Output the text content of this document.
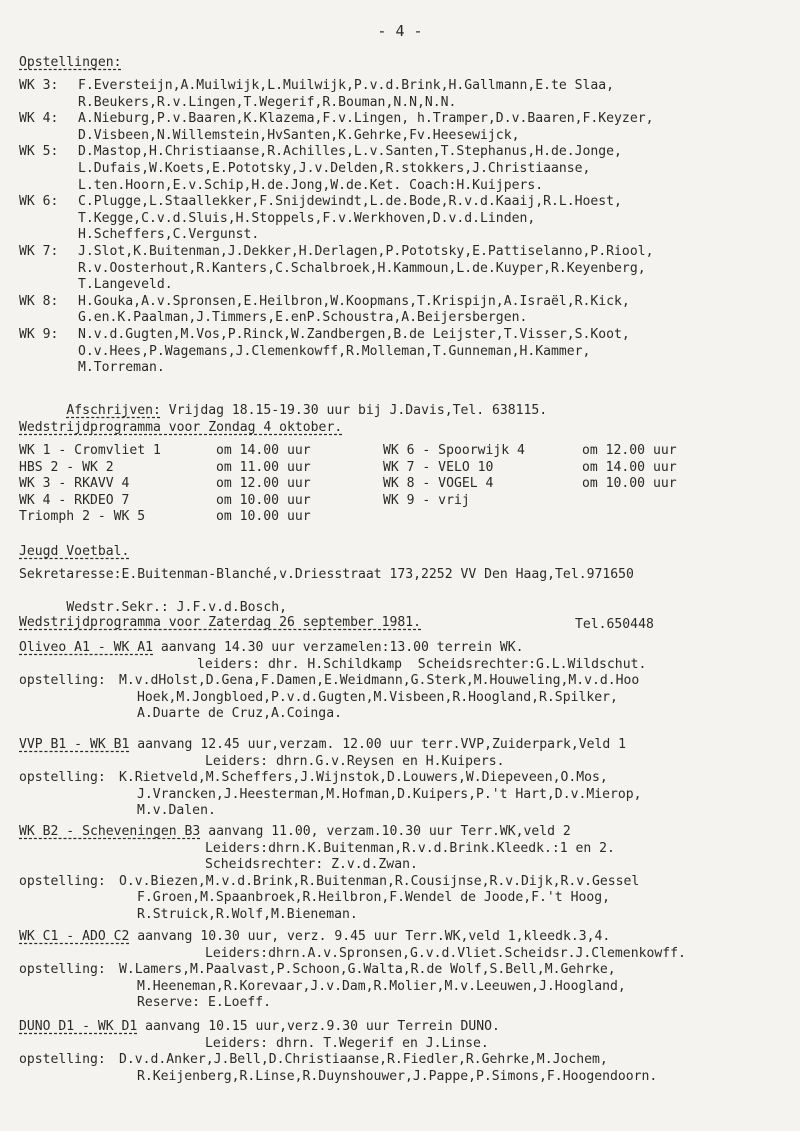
- 4 -
Opstellingen:
WK 3: F.Eversteijn,A.Muilwijk,L.Muilwijk,P.v.d.Brink,H.Gallmann,E.te Slaa,
R.Beukers,R.v.Lingen,T.Wegerif,R.Bouman,N.N,N.N.
WK 4: A.Nieburg,P.v.Baaren,K.Klazema,F.v.Lingen, h.Tramper,D.v.Baaren,F.Keyzer,
D.Visbeen,N.Willemstein,HvSanten,K.Gehrke,Fv.Heesewijck,
WK 5: D.Mastop,H.Christiaanse,R.Achilles,L.v.Santen,T.Stephanus,H.de.Jonge,
L.Dufais,W.Koets,E.Pototsky,J.v.Delden,R.stokkers,J.Christiaanse,
L.ten.Hoorn,E.v.Schip,H.de.Jong,W.de.Ket. Coach:H.Kuijpers.
WK 6: C.Plugge,L.Staallekker,F.Snijdewindt,L.de.Bode,R.v.d.Kaaij,R.L.Hoest,
T.Kegge,C.v.d.Sluis,H.Stoppels,F.v.Werkhoven,D.v.d.Linden,
H.Scheffers,C.Vergunst.
WK 7: J.Slot,K.Buitenman,J.Dekker,H.Derlagen,P.Pototsky,E.Pattiselanno,P.Riool,
R.v.Oosterhout,R.Kanters,C.Schalbroek,H.Kammoun,L.de.Kuyper,R.Keyenberg,
T.Langeveld.
WK 8: H.Gouka,A.v.Spronsen,E.Heilbron,W.Koopmans,T.Krispijn,A.Israël,R.Kick,
G.en.K.Paalman,J.Timmers,E.enP.Schoustra,A.Beijersbergen.
WK 9: N.v.d.Gugten,M.Vos,P.Rinck,W.Zandbergen,B.de Leijster,T.Visser,S.Koot,
O.v.Hees,P.Wagemans,J.Clemenkowff,R.Molleman,T.Gunneman,H.Kammer,
M.Torreman.

Afschrijven: Vrijdag 18.15-19.30 uur bij J.Davis,Tel. 638115.

Wedstrijdprogramma voor Zondag 4 oktober.
WK 1 - Cromvliet 1	om 14.00 uur
HBS 2 - WK 2	om 11.00 uur
WK 3 - RKAVV 4	om 12.00 uur
WK 4 - RKDEO 7	om 10.00 uur
Triomph 2 - WK 5	om 10.00 uur
WK 6 - Spoorwijk 4	om 12.00 uur
WK 7 - VELO 10	om 14.00 uur
WK 8 - VOGEL 4	om 10.00 uur
WK 9 - vrij
Jeugd Voetbal.
Sekretaresse:E.Buitenman-Blanché,v.Driesstraat 173,2252 VV Den Haag,Tel.971650

Wedstr.Sekr.: J.F.v.d.Bosch,

Tel.650448

Wedstrijdprogramma voor Zaterdag 26 september 1981.
Oliveo A1 - WK A1 aanvang 14.30 uur verzamelen:13.00 terrein WK.
leiders: dhr. H.Schildkamp  Scheidsrechter:G.L.Wildschut.
opstelling: M.v.dHolst,D.Gena,F.Damen,E.Weidmann,G.Sterk,M.Houweling,M.v.d.Hoo
Hoek,M.Jongbloed,P.v.d.Gugten,M.Visbeen,R.Hoogland,R.Spilker,
A.Duarte de Cruz,A.Coinga.
VVP B1 - WK B1 aanvang 12.45 uur,verzam. 12.00 uur terr.VVP,Zuiderpark,Veld 1
Leiders: dhrn.G.v.Reysen en H.Kuipers.
opstelling: K.Rietveld,M.Scheffers,J.Wijnstok,D.Louwers,W.Diepeveen,O.Mos,
J.Vrancken,J.Heesterman,M.Hofman,D.Kuipers,P.'t Hart,D.v.Mierop,
M.v.Dalen.
WK B2 - Scheveningen B3 aanvang 11.00, verzam.10.30 uur Terr.WK,veld 2
Leiders:dhrn.K.Buitenman,R.v.d.Brink.Kleedk.:1 en 2.
Scheidsrechter: Z.v.d.Zwan.
opstelling: O.v.Biezen,M.v.d.Brink,R.Buitenman,R.Cousijnse,R.v.Dijk,R.v.Gessel
F.Groen,M.Spaanbroek,R.Heilbron,F.Wendel de Joode,F.'t Hoog,
R.Struick,R.Wolf,M.Bieneman.
WK C1 - ADO C2 aanvang 10.30 uur, verz. 9.45 uur Terr.WK,veld 1,kleedk.3,4.
Leiders:dhrn.A.v.Spronsen,G.v.d.Vliet.Scheidsr.J.Clemenkowff.
opstelling: W.Lamers,M.Paalvast,P.Schoon,G.Walta,R.de Wolf,S.Bell,M.Gehrke,
M.Heeneman,R.Korevaar,J.v.Dam,R.Molier,M.v.Leeuwen,J.Hoogland,
Reserve: E.Loeff.
DUNO D1 - WK D1 aanvang 10.15 uur,verz.9.30 uur Terrein DUNO.
Leiders: dhrn. T.Wegerif en J.Linse.
opstelling: D.v.d.Anker,J.Bell,D.Christiaanse,R.Fiedler,R.Gehrke,M.Jochem,
R.Keijenberg,R.Linse,R.Duynshouwer,J.Pappe,P.Simons,F.Hoogendoorn.
